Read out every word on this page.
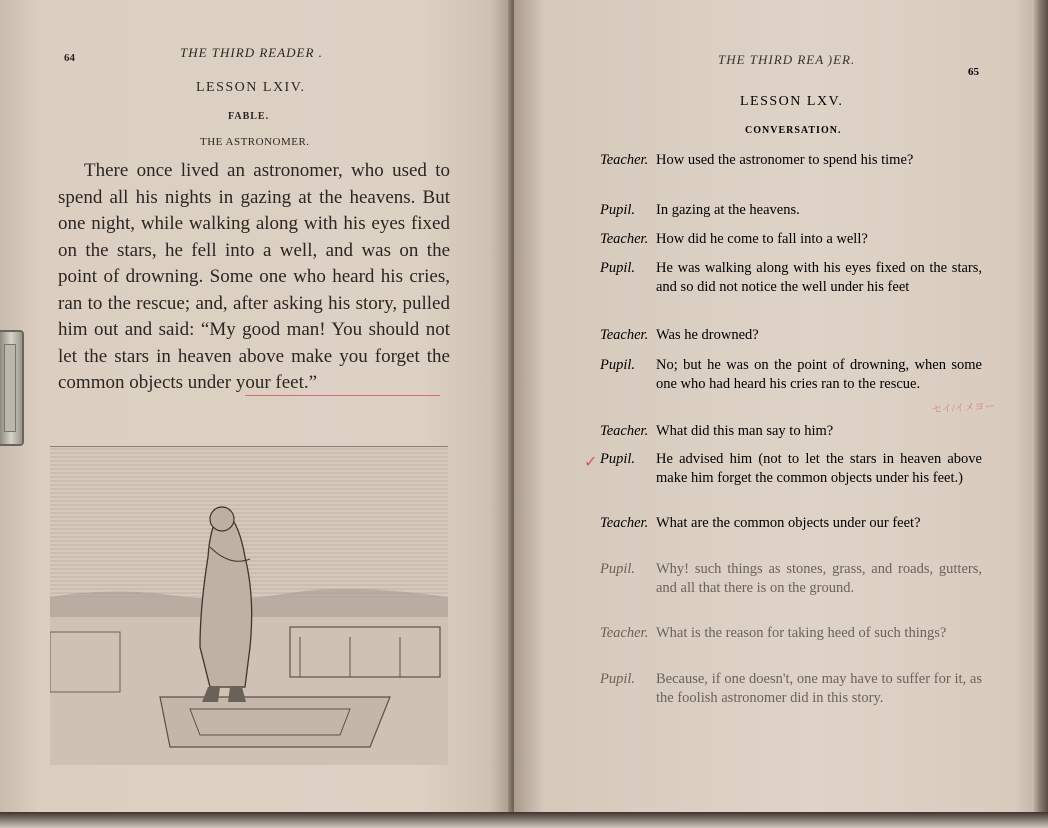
64	THE THIRD READER .
LESSON LXIV.
FABLE.
THE ASTRONOMER.
There once lived an astronomer, who used to spend all his nights in gazing at the heavens. But one night, while walking along with his eyes fixed on the stars, he fell into a well, and was on the point of drowning. Some one who heard his cries, ran to the rescue; and, after asking his story, pulled him out and said: “My good man! You should not let the stars in heaven above make you forget the common objects under your feet.”
THE THIRD REA )ER.
65
LESSON LXV.
CONVERSATION.
Teacher. How used the astronomer to spend his time?
Pupil. In gazing at the heavens.
Teacher. How did he come to fall into a well?
Pupil. He was walking along with his eyes fixed on the stars, and so did not notice the well under his feet
Teacher. Was he drowned?
Pupil. No; but he was on the point of drowning, when some one who had heard his cries ran to the rescue.
Teacher. What did this man say to him?
Pupil. He advised him (not to let the stars in heaven above make him forget the common objects under his feet.)
Teacher. What are the common objects under our feet?
Pupil. Why! such things as stones, grass, and roads, gutters, and all that there is on the ground.
Teacher. What is the reason for taking heed of such things?
Pupil. Because, if one doesn't, one may have to suffer for it, as the foolish astronomer did in this story.
セイ/イメヨー
✓
